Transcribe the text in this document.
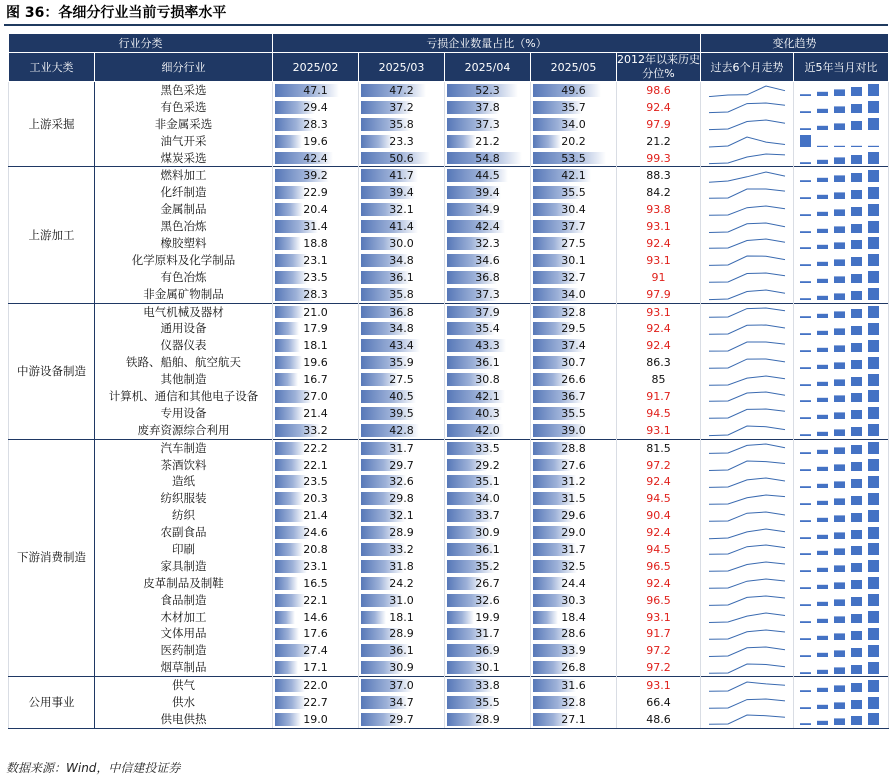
图 36：各细分行业当前亏损率水平
行业分类		亏损企业数量占比（%）					变化趋势	
		2025/02	2025/03	2025/04	2025/05	2012年以来历史分位%	过去6个月走势	近5年当月对比
工业大类	细分行业							
上游采掘	黑色采选	47.1	47.2	52.3	49.6	98.6	

	有色采选	29.4	37.2	37.8	35.7	92.4	

	非金属采选	28.3	35.8	37.3	34.0	97.9	

	油气开采	19.6	23.3	21.2	20.2	21.2	

	煤炭采选	42.4	50.6	54.8	53.5	99.3	

上游加工	燃料加工	39.2	41.7	44.5	42.1	88.3	

	化纤制造	22.9	39.4	39.4	35.5	84.2	

	金属制品	20.4	32.1	34.9	30.4	93.8	

	黑色冶炼	31.4	41.4	42.4	37.7	93.1	

	橡胶塑料	18.8	30.0	32.3	27.5	92.4	

	化学原料及化学制品	23.1	34.8	34.6	30.1	93.1	

	有色冶炼	23.5	36.1	36.8	32.7	91	

	非金属矿物制品	28.3	35.8	37.3	34.0	97.9	

中游设备制造	电气机械及器材	21.0	36.8	37.9	32.8	93.1	

	通用设备	17.9	34.8	35.4	29.5	92.4	

	仪器仪表	18.1	43.4	43.3	37.4	92.4	

	铁路、船舶、航空航天	19.6	35.9	36.1	30.7	86.3	

	其他制造	16.7	27.5	30.8	26.6	85	

	计算机、通信和其他电子设备	27.0	40.5	42.1	36.7	91.7	

	专用设备	21.4	39.5	40.3	35.5	94.5	

	废弃资源综合利用	33.2	42.8	42.0	39.0	93.1	

下游消费制造	汽车制造	22.2	31.7	33.5	28.8	81.5	

	茶酒饮料	22.1	29.7	29.2	27.6	97.2	

	造纸	23.5	32.6	35.1	31.2	92.4	

	纺织服装	20.3	29.8	34.0	31.5	94.5	

	纺织	21.4	32.1	33.7	29.6	90.4	

	农副食品	24.6	28.9	30.9	29.0	92.4	

	印刷	20.8	33.2	36.1	31.7	94.5	

	家具制造	23.1	31.8	35.2	32.5	96.5	

	皮革制品及制鞋	16.5	24.2	26.7	24.4	92.4	

	食品制造	22.1	31.0	32.6	30.3	96.5	

	木材加工	14.6	18.1	19.9	18.4	93.1	

	文体用品	17.6	28.9	31.7	28.6	91.7	

	医药制造	27.4	36.1	36.9	33.9	97.2	

	烟草制品	17.1	30.9	30.1	26.8	97.2	

公用事业	供气	22.0	37.0	33.8	31.6	93.1	

	供水	22.7	34.7	35.5	32.8	66.4	

	供电供热	19.0	29.7	28.9	27.1	48.6	

数据来源：Wind，中信建投证券
